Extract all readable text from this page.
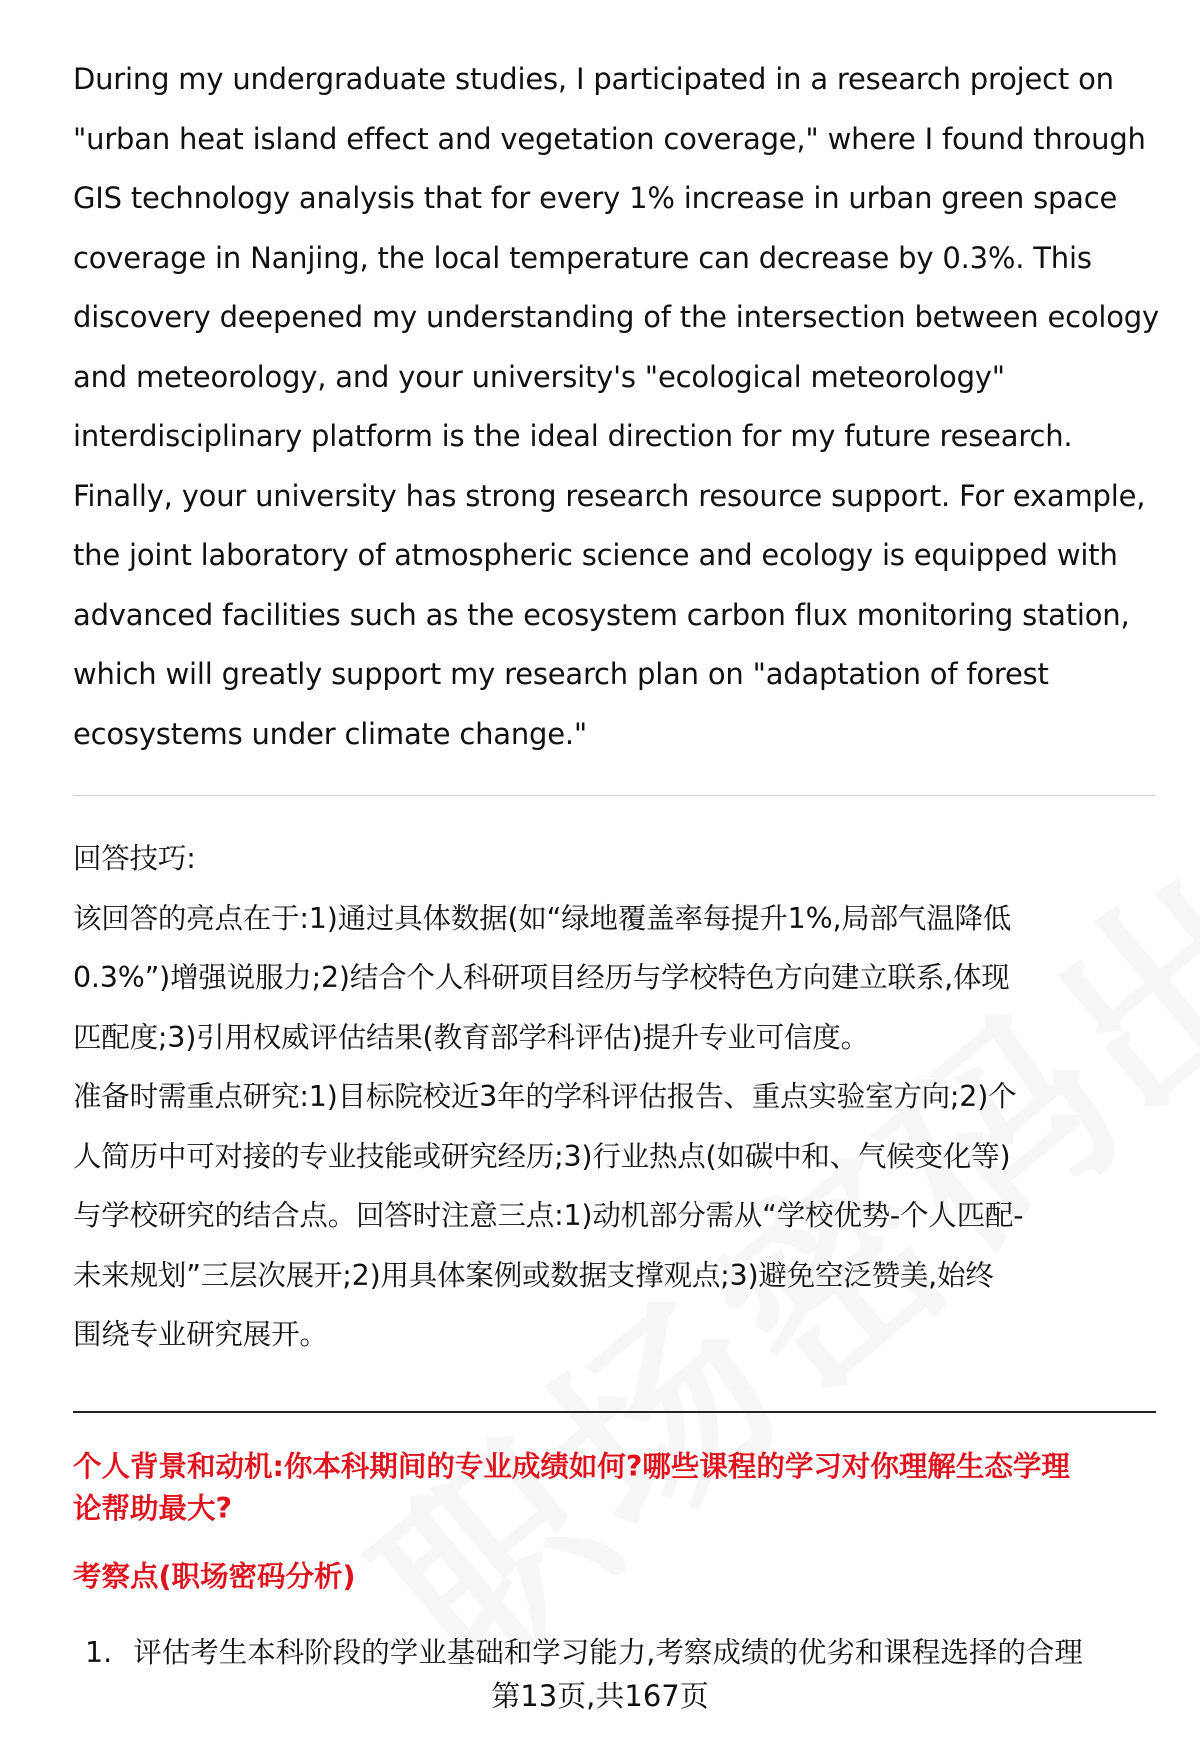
During my undergraduate studies, I participated in a research project on
"urban heat island effect and vegetation coverage," where I found through
GIS technology analysis that for every 1% increase in urban green space
coverage in Nanjing, the local temperature can decrease by 0.3%. This
discovery deepened my understanding of the intersection between ecology
and meteorology, and your university's "ecological meteorology"
interdisciplinary platform is the ideal direction for my future research.
Finally, your university has strong research resource support. For example,
the joint laboratory of atmospheric science and ecology is equipped with
advanced facilities such as the ecosystem carbon flux monitoring station,
which will greatly support my research plan on "adaptation of forest
ecosystems under climate change."

回答技巧:
该回答的亮点在于:1)通过具体数据(如“绿地覆盖率每提升1%,局部气温降低
0.3%”)增强说服力;2)结合个人科研项目经历与学校特色方向建立联系,体现
匹配度;3)引用权威评估结果(教育部学科评估)提升专业可信度。
准备时需重点研究:1)目标院校近3年的学科评估报告、重点实验室方向;2)个
人简历中可对接的专业技能或研究经历;3)行业热点(如碳中和、气候变化等)
与学校研究的结合点。回答时注意三点:1)动机部分需从“学校优势-个人匹配-
未来规划”三层次展开;2)用具体案例或数据支撑观点;3)避免空泛赞美,始终
围绕专业研究展开。

个人背景和动机:你本科期间的专业成绩如何?哪些课程的学习对你理解生态学理
论帮助最大?

考察点(职场密码分析)

1. 评估考生本科阶段的学业基础和学习能力,考察成绩的优劣和课程选择的合理

第13页,共167页
